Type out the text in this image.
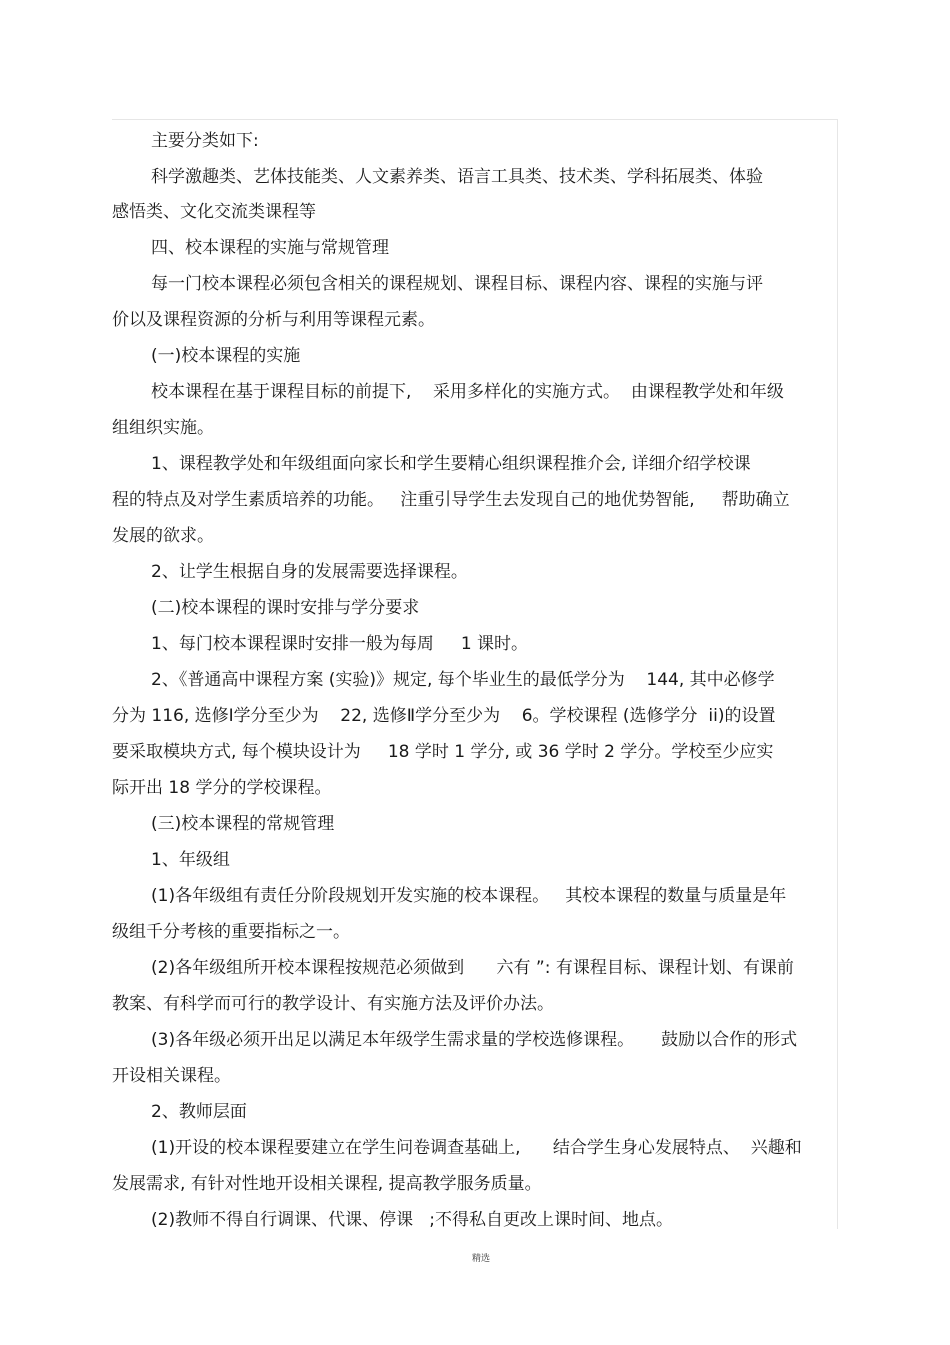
主要分类如下:
科学激趣类、艺体技能类、人文素养类、语言工具类、技术类、学科拓展类、体验
感悟类、文化交流类课程等
四、校本课程的实施与常规管理
每一门校本课程必须包含相关的课程规划、课程目标、课程内容、课程的实施与评
价以及课程资源的分析与利用等课程元素。
(一)校本课程的实施
校本课程在基于课程目标的前提下,    采用多样化的实施方式。  由课程教学处和年级
组组织实施。
1、课程教学处和年级组面向家长和学生要精心组织课程推介会, 详细介绍学校课
程的特点及对学生素质培养的功能。   注重引导学生去发现自己的地优势智能,     帮助确立
发展的欲求。
2、让学生根据自身的发展需要选择课程。
(二)校本课程的课时安排与学分要求
1、每门校本课程课时安排一般为每周     1 课时。
2、《普通高中课程方案 (实验)》规定, 每个毕业生的最低学分为    144, 其中必修学
分为 116, 选修Ⅰ学分至少为    22, 选修Ⅱ学分至少为    6。学校课程 (选修学分  ii)的设置
要采取模块方式, 每个模块设计为     18 学时 1 学分, 或 36 学时 2 学分。学校至少应实
际开出 18 学分的学校课程。
(三)校本课程的常规管理
1、年级组
(1)各年级组有责任分阶段规划开发实施的校本课程。   其校本课程的数量与质量是年
级组千分考核的重要指标之一。
(2)各年级组所开校本课程按规范必须做到      六有 ”: 有课程目标、课程计划、有课前
教案、有科学而可行的教学设计、有实施方法及评价办法。
(3)各年级必须开出足以满足本年级学生需求量的学校选修课程。     鼓励以合作的形式
开设相关课程。
2、教师层面
(1)开设的校本课程要建立在学生问卷调查基础上,      结合学生身心发展特点、  兴趣和
发展需求, 有针对性地开设相关课程, 提高教学服务质量。
(2)教师不得自行调课、代课、停课   ;不得私自更改上课时间、地点。
精选
